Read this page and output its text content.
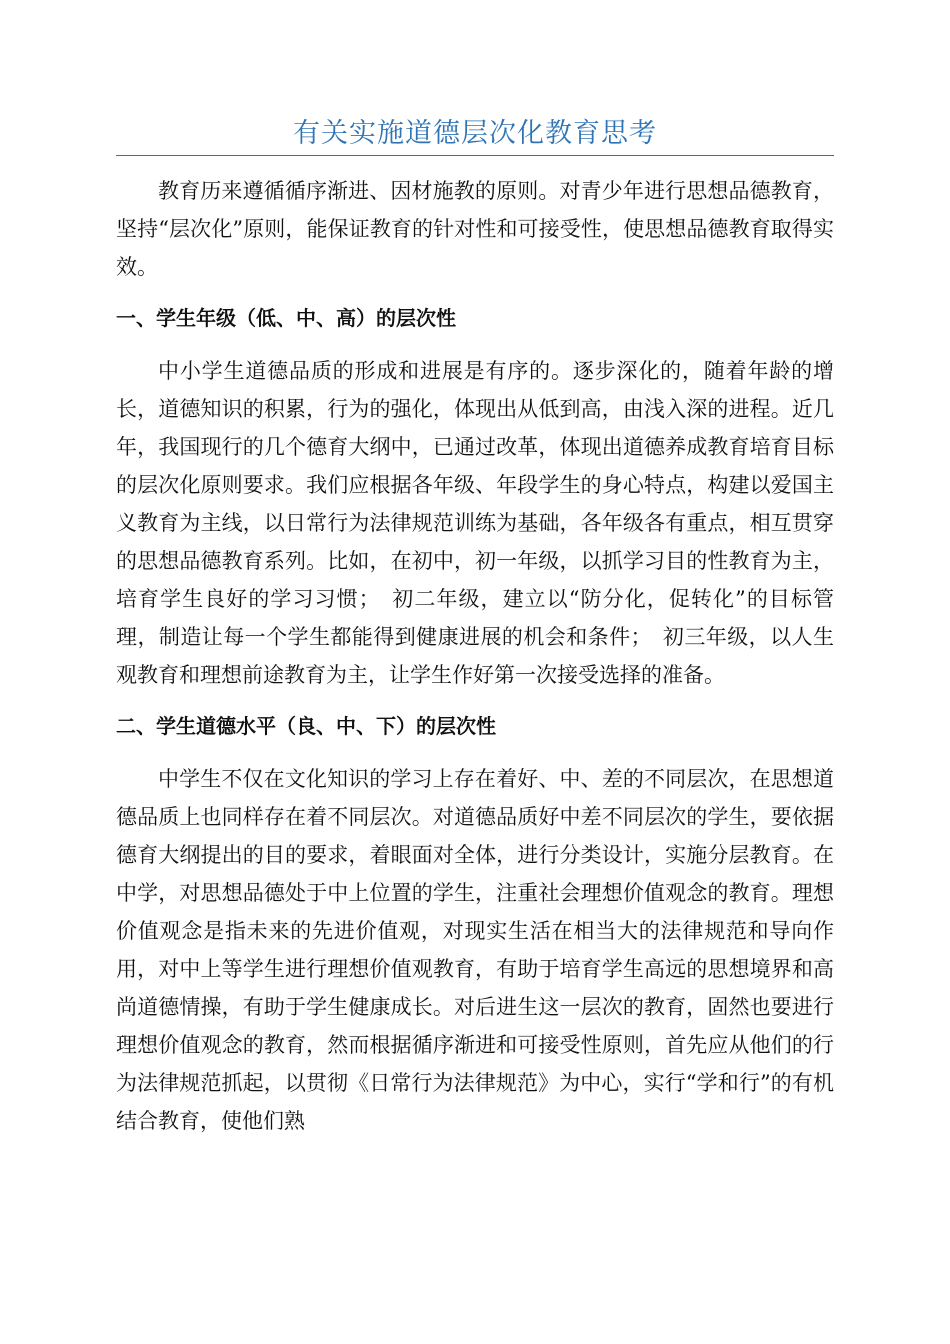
有关实施道德层次化教育思考

教育历来遵循循序渐进、因材施教的原则。对青少年进行思想品德教育，坚持“层次化”原则，能保证教育的针对性和可接受性，使思想品德教育取得实效。

一、学生年级（低、中、高）的层次性

中小学生道德品质的形成和进展是有序的。逐步深化的，随着年龄的增长，道德知识的积累，行为的强化，体现出从低到高，由浅入深的进程。近几年，我国现行的几个德育大纲中，已通过改革，体现出道德养成教育培育目标的层次化原则要求。我们应根据各年级、年段学生的身心特点，构建以爱国主义教育为主线，以日常行为法律规范训练为基础，各年级各有重点，相互贯穿的思想品德教育系列。比如，在初中，初一年级，以抓学习目的性教育为主，培育学生良好的学习习惯；　初二年级，建立以“防分化，促转化”的目标管理，制造让每一个学生都能得到健康进展的机会和条件；　初三年级，以人生观教育和理想前途教育为主，让学生作好第一次接受选择的准备。

二、学生道德水平（良、中、下）的层次性

中学生不仅在文化知识的学习上存在着好、中、差的不同层次，在思想道德品质上也同样存在着不同层次。对道德品质好中差不同层次的学生，要依据德育大纲提出的目的要求，着眼面对全体，进行分类设计，实施分层教育。在中学，对思想品德处于中上位置的学生，注重社会理想价值观念的教育。理想价值观念是指未来的先进价值观，对现实生活在相当大的法律规范和导向作用，对中上等学生进行理想价值观教育，有助于培育学生高远的思想境界和高尚道德情操，有助于学生健康成长。对后进生这一层次的教育，固然也要进行理想价值观念的教育，然而根据循序渐进和可接受性原则，首先应从他们的行为法律规范抓起，以贯彻《日常行为法律规范》为中心，实行“学和行”的有机结合教育，使他们熟
